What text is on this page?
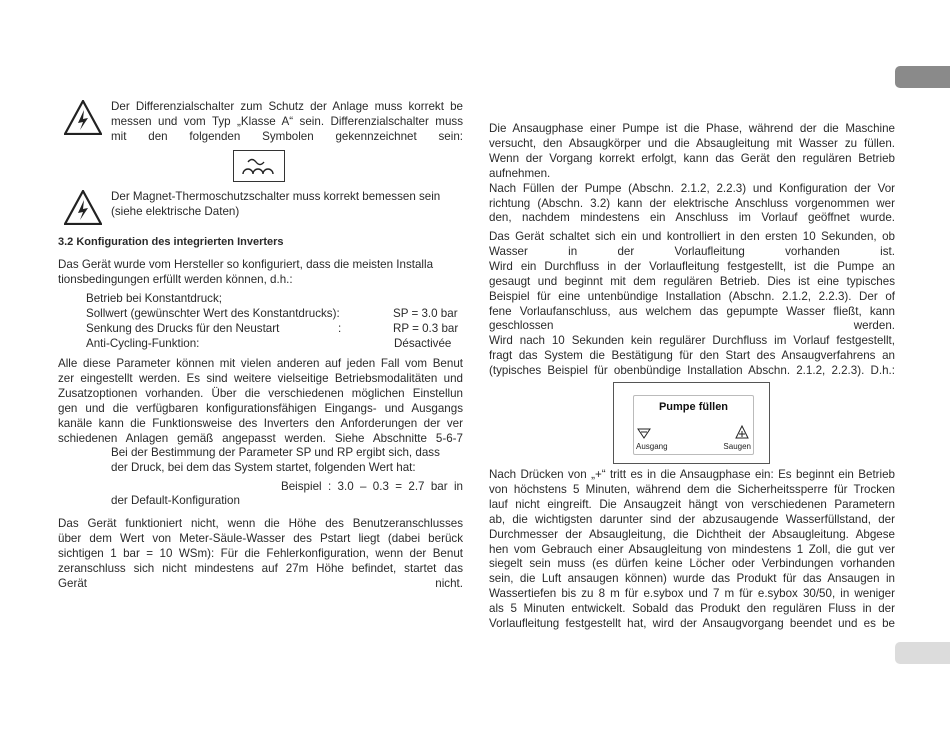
Der Differenzialschalter zum Schutz der Anlage muss korrekt be
messen und vom Typ „Klasse A“ sein. Differenzialschalter muss
mit den folgenden Symbolen gekennzeichnet sein:

Der Magnet-Thermoschutzschalter muss korrekt bemessen sein
(siehe elektrische Daten)

3.2 Konfiguration des integrierten Inverters

Das Gerät wurde vom Hersteller so konfiguriert, dass die meisten Installa
tionsbedingungen erfüllt werden können, d.h.:

Betrieb bei Konstantdruck;
Sollwert (gewünschter Wert des Konstantdrucks):	SP = 3.0 bar
Senkung des Drucks für den Neustart	:	RP = 0.3 bar
Anti-Cycling-Funktion:	Désactivée

Alle diese Parameter können mit vielen anderen auf jeden Fall vom Benut
zer eingestellt werden. Es sind weitere vielseitige Betriebsmodalitäten und
Zusatzoptionen vorhanden. Über die verschiedenen möglichen Einstellun
gen und die verfügbaren konfigurationsfähigen Eingangs- und Ausgangs
kanäle kann die Funktionsweise des Inverters den Anforderungen der ver
schiedenen Anlagen gemäß angepasst werden. Siehe Abschnitte 5-6-7

Bei der Bestimmung der Parameter SP und RP ergibt sich, dass
der Druck, bei dem das System startet, folgenden Wert hat:

Beispiel : 3.0 – 0.3 = 2.7 bar in
der Default-Konfiguration

Das Gerät funktioniert nicht, wenn die Höhe des Benutzeranschlusses
über dem Wert von Meter-Säule-Wasser des Pstart liegt (dabei berück
sichtigen 1 bar = 10 WSm): Für die Fehlerkonfiguration, wenn der Benut
zeranschluss sich nicht mindestens auf 27m Höhe befindet, startet das
Gerät nicht.

Die Ansaugphase einer Pumpe ist die Phase, während der die Maschine
versucht, den Absaugkörper und die Absaugleitung mit Wasser zu füllen.
Wenn der Vorgang korrekt erfolgt, kann das Gerät den regulären Betrieb
aufnehmen.
Nach Füllen der Pumpe (Abschn. 2.1.2, 2.2.3) und Konfiguration der Vor
richtung (Abschn. 3.2) kann der elektrische Anschluss vorgenommen wer
den, nachdem mindestens ein Anschluss im Vorlauf geöffnet wurde.

Das Gerät schaltet sich ein und kontrolliert in den ersten 10 Sekunden, ob
Wasser in der Vorlaufleitung vorhanden ist.
Wird ein Durchfluss in der Vorlaufleitung festgestellt, ist die Pumpe an
gesaugt und beginnt mit dem regulären Betrieb. Dies ist eine typisches
Beispiel für eine untenbündige Installation (Abschn. 2.1.2, 2.2.3). Der of
fene Vorlaufanschluss, aus welchem das gepumpte Wasser fließt, kann
geschlossen werden.
Wird nach 10 Sekunden kein regulärer Durchfluss im Vorlauf festgestellt,
fragt das System die Bestätigung für den Start des Ansaugverfahrens an
(typisches Beispiel für obenbündige Installation Abschn. 2.1.2, 2.2.3). D.h.:

Pumpe füllen
Ausgang	Saugen

Nach Drücken von „+“ tritt es in die Ansaugphase ein: Es beginnt ein Betrieb
von höchstens 5 Minuten, während dem die Sicherheitssperre für Trocken
lauf nicht eingreift. Die Ansaugzeit hängt von verschiedenen Parametern
ab, die wichtigsten darunter sind der abzusaugende Wasserfüllstand, der
Durchmesser der Absaugleitung, die Dichtheit der Absaugleitung. Abgese
hen vom Gebrauch einer Absaugleitung von mindestens 1 Zoll, die gut ver
siegelt sein muss (es dürfen keine Löcher oder Verbindungen vorhanden
sein, die Luft ansaugen können) wurde das Produkt für das Ansaugen in
Wassertiefen bis zu 8 m für e.sybox und 7 m für e.sybox 30/50, in weniger
als 5 Minuten entwickelt. Sobald das Produkt den regulären Fluss in der
Vorlaufleitung festgestellt hat, wird der Ansaugvorgang beendet und es be
